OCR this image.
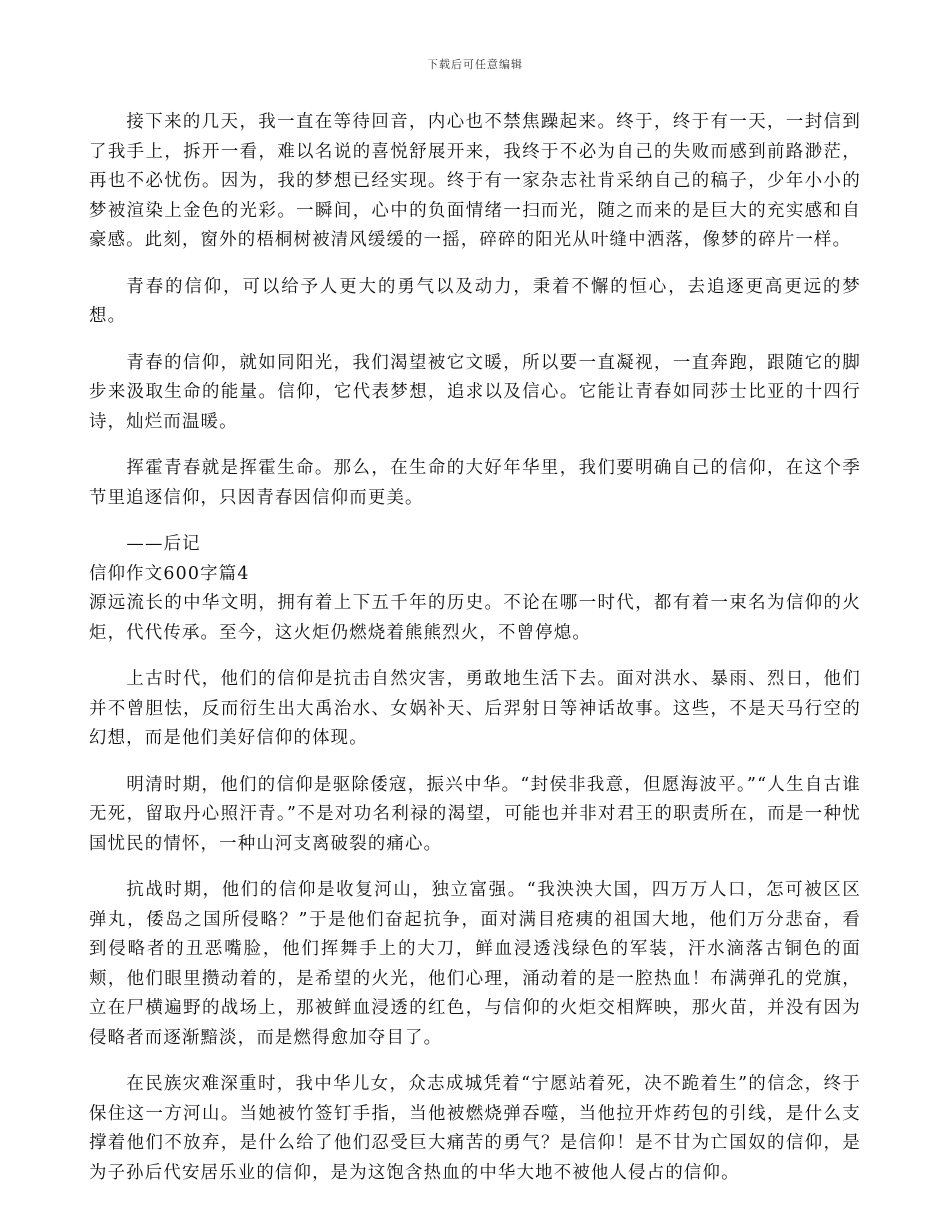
下载后可任意编辑

接下来的几天，我一直在等待回音，内心也不禁焦躁起来。终于，终于有一天，一封信到了我手上，拆开一看，难以名说的喜悦舒展开来，我终于不必为自己的失败而感到前路渺茫，再也不必忧伤。因为，我的梦想已经实现。终于有一家杂志社肯采纳自己的稿子，少年小小的梦被渲染上金色的光彩。一瞬间，心中的负面情绪一扫而光，随之而来的是巨大的充实感和自豪感。此刻，窗外的梧桐树被清风缓缓的一摇，碎碎的阳光从叶缝中洒落，像梦的碎片一样。

青春的信仰，可以给予人更大的勇气以及动力，秉着不懈的恒心，去追逐更高更远的梦想。

青春的信仰，就如同阳光，我们渴望被它文暖，所以要一直凝视，一直奔跑，跟随它的脚步来汲取生命的能量。信仰，它代表梦想，追求以及信心。它能让青春如同莎士比亚的十四行诗，灿烂而温暖。

挥霍青春就是挥霍生命。那么，在生命的大好年华里，我们要明确自己的信仰，在这个季节里追逐信仰，只因青春因信仰而更美。

——后记

信仰作文600字篇4

源远流长的中华文明，拥有着上下五千年的历史。不论在哪一时代，都有着一束名为信仰的火炬，代代传承。至今，这火炬仍燃烧着熊熊烈火，不曾停熄。

上古时代，他们的信仰是抗击自然灾害，勇敢地生活下去。面对洪水、暴雨、烈日，他们并不曾胆怯，反而衍生出大禹治水、女娲补天、后羿射日等神话故事。这些，不是天马行空的幻想，而是他们美好信仰的体现。

明清时期，他们的信仰是驱除倭寇，振兴中华。“封侯非我意，但愿海波平。”“人生自古谁无死，留取丹心照汗青。”不是对功名利禄的渴望，可能也并非对君王的职责所在，而是一种忧国忧民的情怀，一种山河支离破裂的痛心。

抗战时期，他们的信仰是收复河山，独立富强。“我泱泱大国，四万万人口，怎可被区区弹丸，倭岛之国所侵略？”于是他们奋起抗争，面对满目疮痍的祖国大地，他们万分悲奋，看到侵略者的丑恶嘴脸，他们挥舞手上的大刀，鲜血浸透浅绿色的军装，汗水滴落古铜色的面颊，他们眼里攒动着的，是希望的火光，他们心理，涌动着的是一腔热血！布满弹孔的党旗，立在尸横遍野的战场上，那被鲜血浸透的红色，与信仰的火炬交相辉映，那火苗，并没有因为侵略者而逐渐黯淡，而是燃得愈加夺目了。

在民族灾难深重时，我中华儿女，众志成城凭着“宁愿站着死，决不跪着生”的信念，终于保住这一方河山。当她被竹签钉手指，当他被燃烧弹吞噬，当他拉开炸药包的引线，是什么支撑着他们不放弃，是什么给了他们忍受巨大痛苦的勇气？是信仰！是不甘为亡国奴的信仰，是为子孙后代安居乐业的信仰，是为这饱含热血的中华大地不被他人侵占的信仰。
